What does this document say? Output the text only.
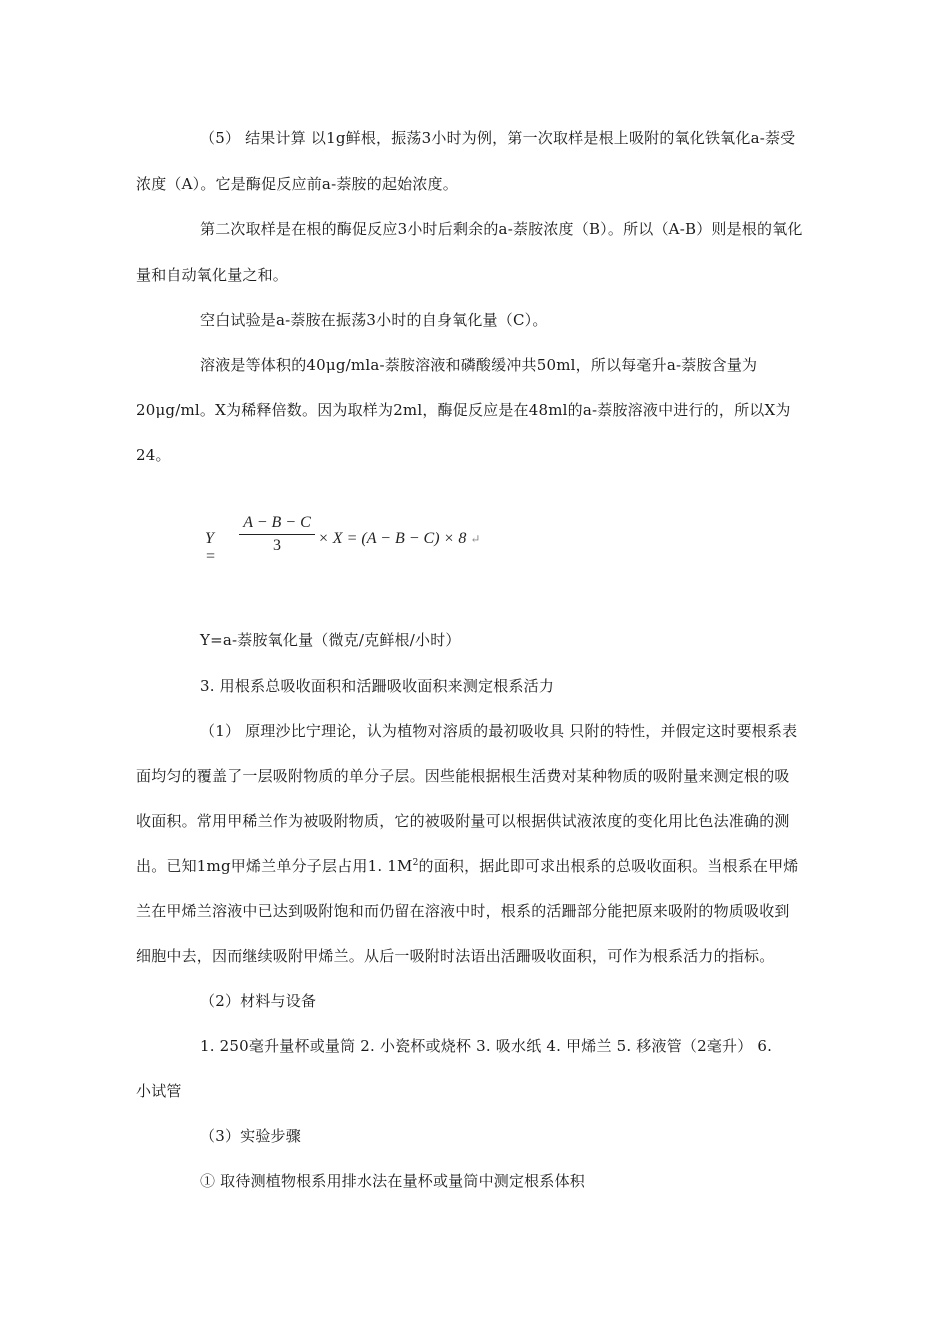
（5） 结果计算 以1g鲜根，振荡3小时为例，第一次取样是根上吸附的氧化铁氧化a-萘受
浓度（A）。它是酶促反应前a-萘胺的起始浓度。
第二次取样是在根的酶促反应3小时后剩余的a-萘胺浓度（B）。所以（A-B）则是根的氧化
量和自动氧化量之和。
空白试验是a-萘胺在振荡3小时的自身氧化量（C）。
溶液是等体积的40μg/mla-萘胺溶液和磷酸缓冲共50ml，所以每毫升a-萘胺含量为
20μg/ml。X为稀释倍数。因为取样为2ml，酶促反应是在48ml的a-萘胺溶液中进行的，所以X为
24。
Y =
$\frac{A - B - C}{3} \times X = (A - B - C) \times 8$ ↵
Y=a-萘胺氧化量（微克/克鲜根/小时）
3. 用根系总吸收面积和活跚吸收面积来测定根系活力
（1） 原理沙比宁理论，认为植物对溶质的最初吸收具 只附的特性，并假定这时要根系表
面均匀的覆盖了一层吸附物质的单分子层。因些能根据根生活费对某种物质的吸附量来测定根的吸
收面积。常用甲稀兰作为被吸附物质，它的被吸附量可以根据供试液浓度的变化用比色法准确的测
出。已知1mg甲烯兰单分子层占用1. $1M^2$的面积，据此即可求出根系的总吸收面积。当根系在甲烯
兰在甲烯兰溶液中已达到吸附饱和而仍留在溶液中时，根系的活跚部分能把原来吸附的物质吸收到
细胞中去，因而继续吸附甲烯兰。从后一吸附时法语出活跚吸收面积，可作为根系活力的指标。
（2）材料与设备
1. 250毫升量杯或量筒 2. 小瓷杯或烧杯 3. 吸水纸 4. 甲烯兰 5. 移液管（2毫升） 6.
小试管
（3）实验步骤
① 取待测植物根系用排水法在量杯或量筒中测定根系体积
